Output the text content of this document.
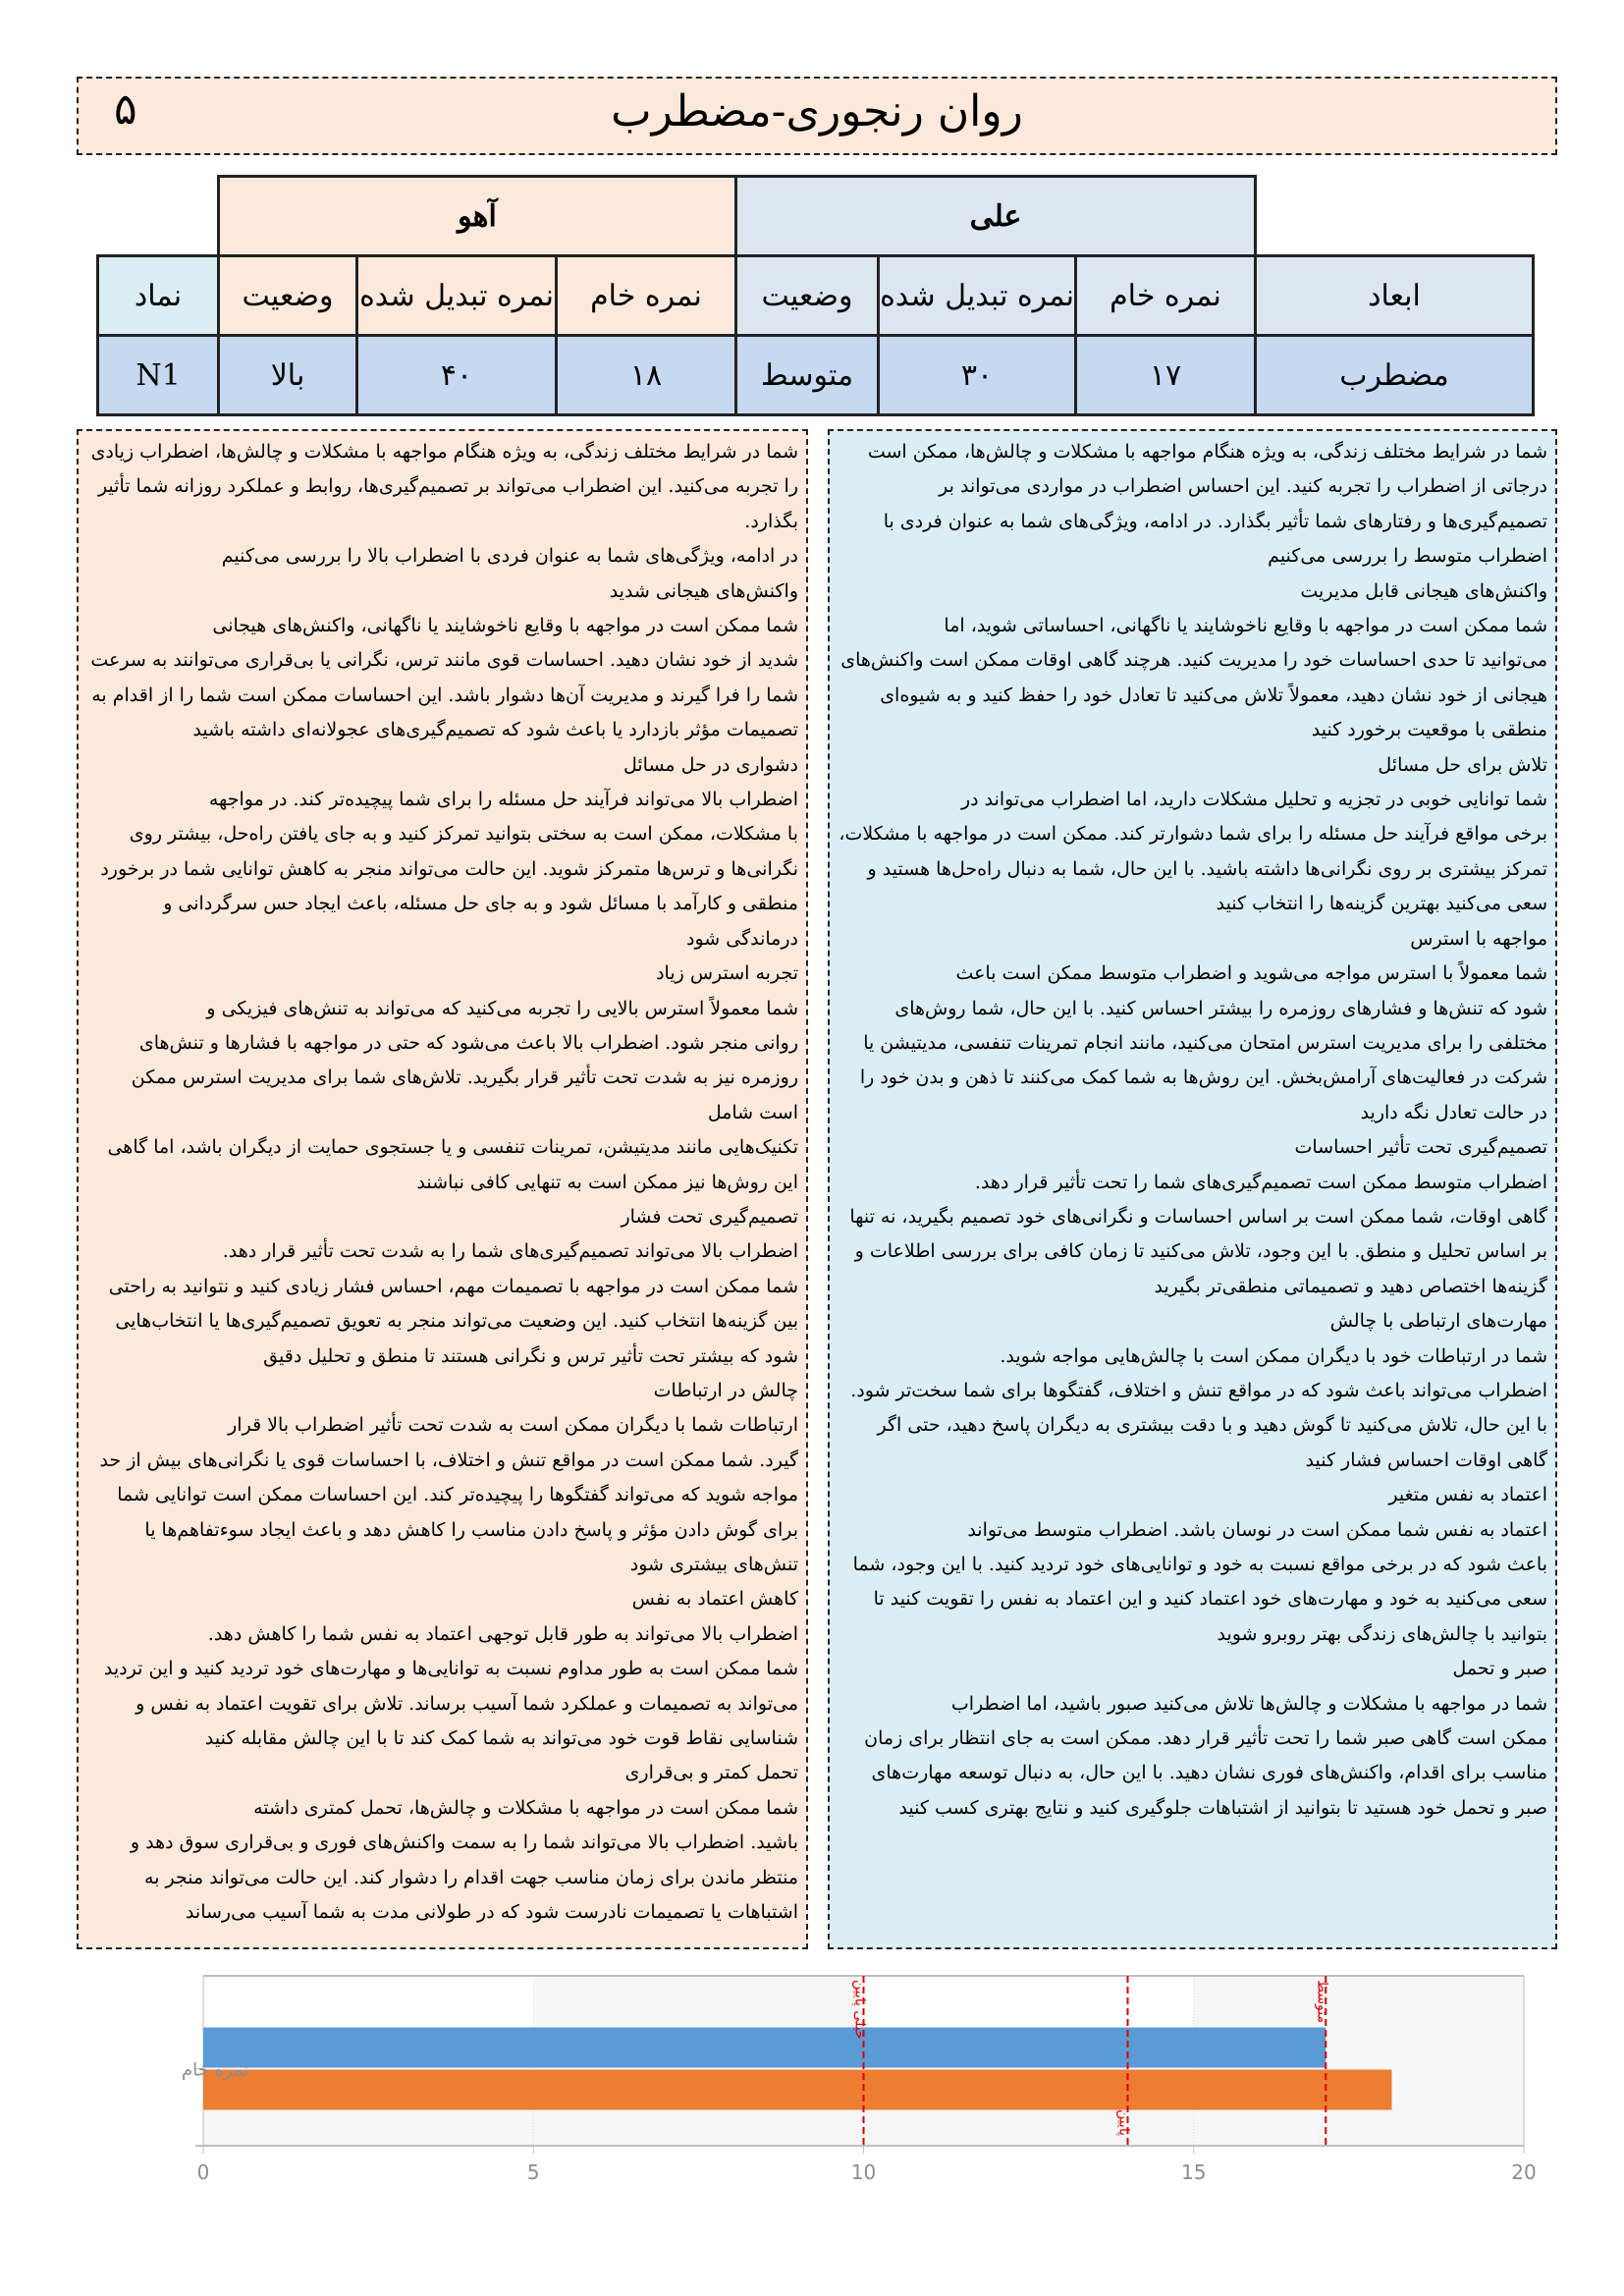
۵	روان رنجوری-مضطرب
	آهو			علی			
نماد	وضعیت	نمره تبدیل شده	نمره خام	وضعیت	نمره تبدیل شده	نمره خام	ابعاد
N1	بالا	۴۰	۱۸	متوسط	۳۰	۱۷	مضطرب

شما در شرایط مختلف زندگی، به ویژه هنگام مواجهه با مشکلات و چالش‌ها، ممکن است درجاتی از اضطراب را تجربه کنید. این احساس اضطراب در مواردی می‌تواند بر تصمیم‌گیری‌ها و رفتارهای شما تأثیر بگذارد. در ادامه، ویژگی‌های شما به عنوان فردی با اضطراب متوسط را بررسی می‌کنیم

واکنش‌های هیجانی قابل مدیریت

شما ممکن است در مواجهه با وقایع ناخوشایند یا ناگهانی، احساساتی شوید، اما

می‌توانید تا حدی احساسات خود را مدیریت کنید. هرچند گاهی اوقات ممکن است واکنش‌های هیجانی از خود نشان دهید، معمولاً تلاش می‌کنید تا تعادل خود را حفظ کنید و به شیوه‌ای منطقی با موقعیت برخورد کنید

تلاش برای حل مسائل

شما توانایی خوبی در تجزیه و تحلیل مشکلات دارید، اما اضطراب می‌تواند در

برخی مواقع فرآیند حل مسئله را برای شما دشوارتر کند. ممکن است در مواجهه با مشکلات، تمرکز بیشتری بر روی نگرانی‌ها داشته باشید. با این حال، شما به دنبال راه‌حل‌ها هستید و سعی می‌کنید بهترین گزینه‌ها را انتخاب کنید

مواجهه با استرس

شما معمولاً با استرس مواجه می‌شوید و اضطراب متوسط ممکن است باعث

شود که تنش‌ها و فشارهای روزمره را بیشتر احساس کنید. با این حال، شما روش‌های مختلفی را برای مدیریت استرس امتحان می‌کنید، مانند انجام تمرینات تنفسی، مدیتیشن یا شرکت در فعالیت‌های آرامش‌بخش. این روش‌ها به شما کمک می‌کنند تا ذهن و بدن خود را در حالت تعادل نگه دارید

تصمیم‌گیری تحت تأثیر احساسات

اضطراب متوسط ممکن است تصمیم‌گیری‌های شما را تحت تأثیر قرار دهد.

گاهی اوقات، شما ممکن است بر اساس احساسات و نگرانی‌های خود تصمیم بگیرید، نه تنها بر اساس تحلیل و منطق. با این وجود، تلاش می‌کنید تا زمان کافی برای بررسی اطلاعات و گزینه‌ها اختصاص دهید و تصمیماتی منطقی‌تر بگیرید

مهارت‌های ارتباطی با چالش

شما در ارتباطات خود با دیگران ممکن است با چالش‌هایی مواجه شوید.

اضطراب می‌تواند باعث شود که در مواقع تنش و اختلاف، گفتگوها برای شما سخت‌تر شود. با این حال، تلاش می‌کنید تا گوش دهید و با دقت بیشتری به دیگران پاسخ دهید، حتی اگر گاهی اوقات احساس فشار کنید

اعتماد به نفس متغیر

اعتماد به نفس شما ممکن است در نوسان باشد. اضطراب متوسط می‌تواند

باعث شود که در برخی مواقع نسبت به خود و توانایی‌های خود تردید کنید. با این وجود، شما سعی می‌کنید به خود و مهارت‌های خود اعتماد کنید و این اعتماد به نفس را تقویت کنید تا بتوانید با چالش‌های زندگی بهتر روبرو شوید

صبر و تحمل

شما در مواجهه با مشکلات و چالش‌ها تلاش می‌کنید صبور باشید، اما اضطراب

ممکن است گاهی صبر شما را تحت تأثیر قرار دهد. ممکن است به جای انتظار برای زمان مناسب برای اقدام، واکنش‌های فوری نشان دهید. با این حال، به دنبال توسعه مهارت‌های صبر و تحمل خود هستید تا بتوانید از اشتباهات جلوگیری کنید و نتایج بهتری کسب کنید

شما در شرایط مختلف زندگی، به ویژه هنگام مواجهه با مشکلات و چالش‌ها، اضطراب زیادی را تجربه می‌کنید. این اضطراب می‌تواند بر تصمیم‌گیری‌ها، روابط و عملکرد روزانه شما تأثیر بگذارد.

در ادامه، ویژگی‌های شما به عنوان فردی با اضطراب بالا را بررسی می‌کنیم

واکنش‌های هیجانی شدید

شما ممکن است در مواجهه با وقایع ناخوشایند یا ناگهانی، واکنش‌های هیجانی

شدید از خود نشان دهید. احساسات قوی مانند ترس، نگرانی یا بی‌قراری می‌توانند به سرعت شما را فرا گیرند و مدیریت آن‌ها دشوار باشد. این احساسات ممکن است شما را از اقدام به تصمیمات مؤثر بازدارد یا باعث شود که تصمیم‌گیری‌های عجولانه‌ای داشته باشید

دشواری در حل مسائل

اضطراب بالا می‌تواند فرآیند حل مسئله را برای شما پیچیده‌تر کند. در مواجهه

با مشکلات، ممکن است به سختی بتوانید تمرکز کنید و به جای یافتن راه‌حل، بیشتر روی نگرانی‌ها و ترس‌ها متمرکز شوید. این حالت می‌تواند منجر به کاهش توانایی شما در برخورد منطقی و کارآمد با مسائل شود و به جای حل مسئله، باعث ایجاد حس سرگردانی و درماندگی شود

تجربه استرس زیاد

شما معمولاً استرس بالایی را تجربه می‌کنید که می‌تواند به تنش‌های فیزیکی و

روانی منجر شود. اضطراب بالا باعث می‌شود که حتی در مواجهه با فشارها و تنش‌های روزمره نیز به شدت تحت تأثیر قرار بگیرید. تلاش‌های شما برای مدیریت استرس ممکن است شامل

تکنیک‌هایی مانند مدیتیشن، تمرینات تنفسی و یا جستجوی حمایت از دیگران باشد، اما گاهی این روش‌ها نیز ممکن است به تنهایی کافی نباشند

تصمیم‌گیری تحت فشار

اضطراب بالا می‌تواند تصمیم‌گیری‌های شما را به شدت تحت تأثیر قرار دهد.

شما ممکن است در مواجهه با تصمیمات مهم، احساس فشار زیادی کنید و نتوانید به راحتی بین گزینه‌ها انتخاب کنید. این وضعیت می‌تواند منجر به تعویق تصمیم‌گیری‌ها یا انتخاب‌هایی شود که بیشتر تحت تأثیر ترس و نگرانی هستند تا منطق و تحلیل دقیق

چالش در ارتباطات

ارتباطات شما با دیگران ممکن است به شدت تحت تأثیر اضطراب بالا قرار

گیرد. شما ممکن است در مواقع تنش و اختلاف، با احساسات قوی یا نگرانی‌های بیش از حد مواجه شوید که می‌تواند گفتگوها را پیچیده‌تر کند. این احساسات ممکن است توانایی شما برای گوش دادن مؤثر و پاسخ دادن مناسب را کاهش دهد و باعث ایجاد سوءتفاهم‌ها یا تنش‌های بیشتری شود

کاهش اعتماد به نفس

اضطراب بالا می‌تواند به طور قابل توجهی اعتماد به نفس شما را کاهش دهد.

شما ممکن است به طور مداوم نسبت به توانایی‌ها و مهارت‌های خود تردید کنید و این تردید می‌تواند به تصمیمات و عملکرد شما آسیب برساند. تلاش برای تقویت اعتماد به نفس و شناسایی نقاط قوت خود می‌تواند به شما کمک کند تا با این چالش مقابله کنید

تحمل کمتر و بی‌قراری

شما ممکن است در مواجهه با مشکلات و چالش‌ها، تحمل کمتری داشته

باشید. اضطراب بالا می‌تواند شما را به سمت واکنش‌های فوری و بی‌قراری سوق دهد و منتظر ماندن برای زمان مناسب جهت اقدام را دشوار کند. این حالت می‌تواند منجر به اشتباهات یا تصمیمات نادرست شود که در طولانی مدت به شما آسیب می‌رساند

خیلی پایین
پایین
متوسط
0	5	10	15	20
نمره خام
